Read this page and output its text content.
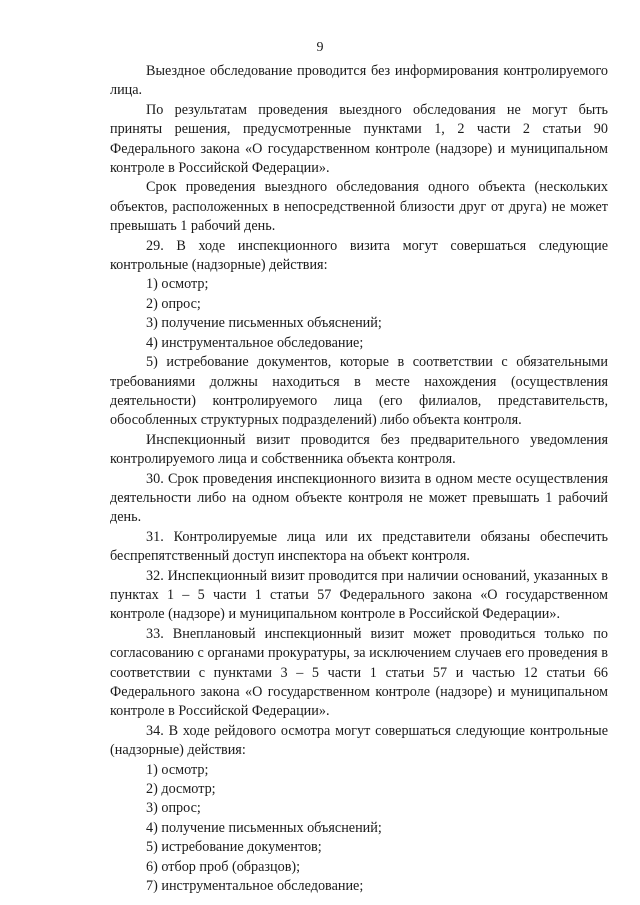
9

Выездное обследование проводится без информирования контролируемого лица.

По результатам проведения выездного обследования не могут быть приняты решения, предусмотренные пунктами 1, 2 части 2 статьи 90 Федерального закона «О государственном контроле (надзоре) и муниципальном контроле в Российской Федерации».

Срок проведения выездного обследования одного объекта (нескольких объектов, расположенных в непосредственной близости друг от друга) не может превышать 1 рабочий день.

29. В ходе инспекционного визита могут совершаться следующие контрольные (надзорные) действия:

1) осмотр;

2) опрос;

3) получение письменных объяснений;

4) инструментальное обследование;

5) истребование документов, которые в соответствии с обязательными требованиями должны находиться в месте нахождения (осуществления деятельности) контролируемого лица (его филиалов, представительств, обособленных структурных подразделений) либо объекта контроля.

Инспекционный визит проводится без предварительного уведомления контролируемого лица и собственника объекта контроля.

30. Срок проведения инспекционного визита в одном месте осуществления деятельности либо на одном объекте контроля не может превышать 1 рабочий день.

31. Контролируемые лица или их представители обязаны обеспечить беспрепятственный доступ инспектора на объект контроля.

32. Инспекционный визит проводится при наличии оснований, указанных в пунктах 1 – 5 части 1 статьи 57 Федерального закона «О государственном контроле (надзоре) и муниципальном контроле в Российской Федерации».

33. Внеплановый инспекционный визит может проводиться только по согласованию с органами прокуратуры, за исключением случаев его проведения в соответствии с пунктами 3 – 5 части 1 статьи 57 и частью 12 статьи 66 Федерального закона «О государственном контроле (надзоре) и муниципальном контроле в Российской Федерации».

34. В ходе рейдового осмотра могут совершаться следующие контрольные (надзорные) действия:

1) осмотр;

2) досмотр;

3) опрос;

4) получение письменных объяснений;

5) истребование документов;

6) отбор проб (образцов);

7) инструментальное обследование;
